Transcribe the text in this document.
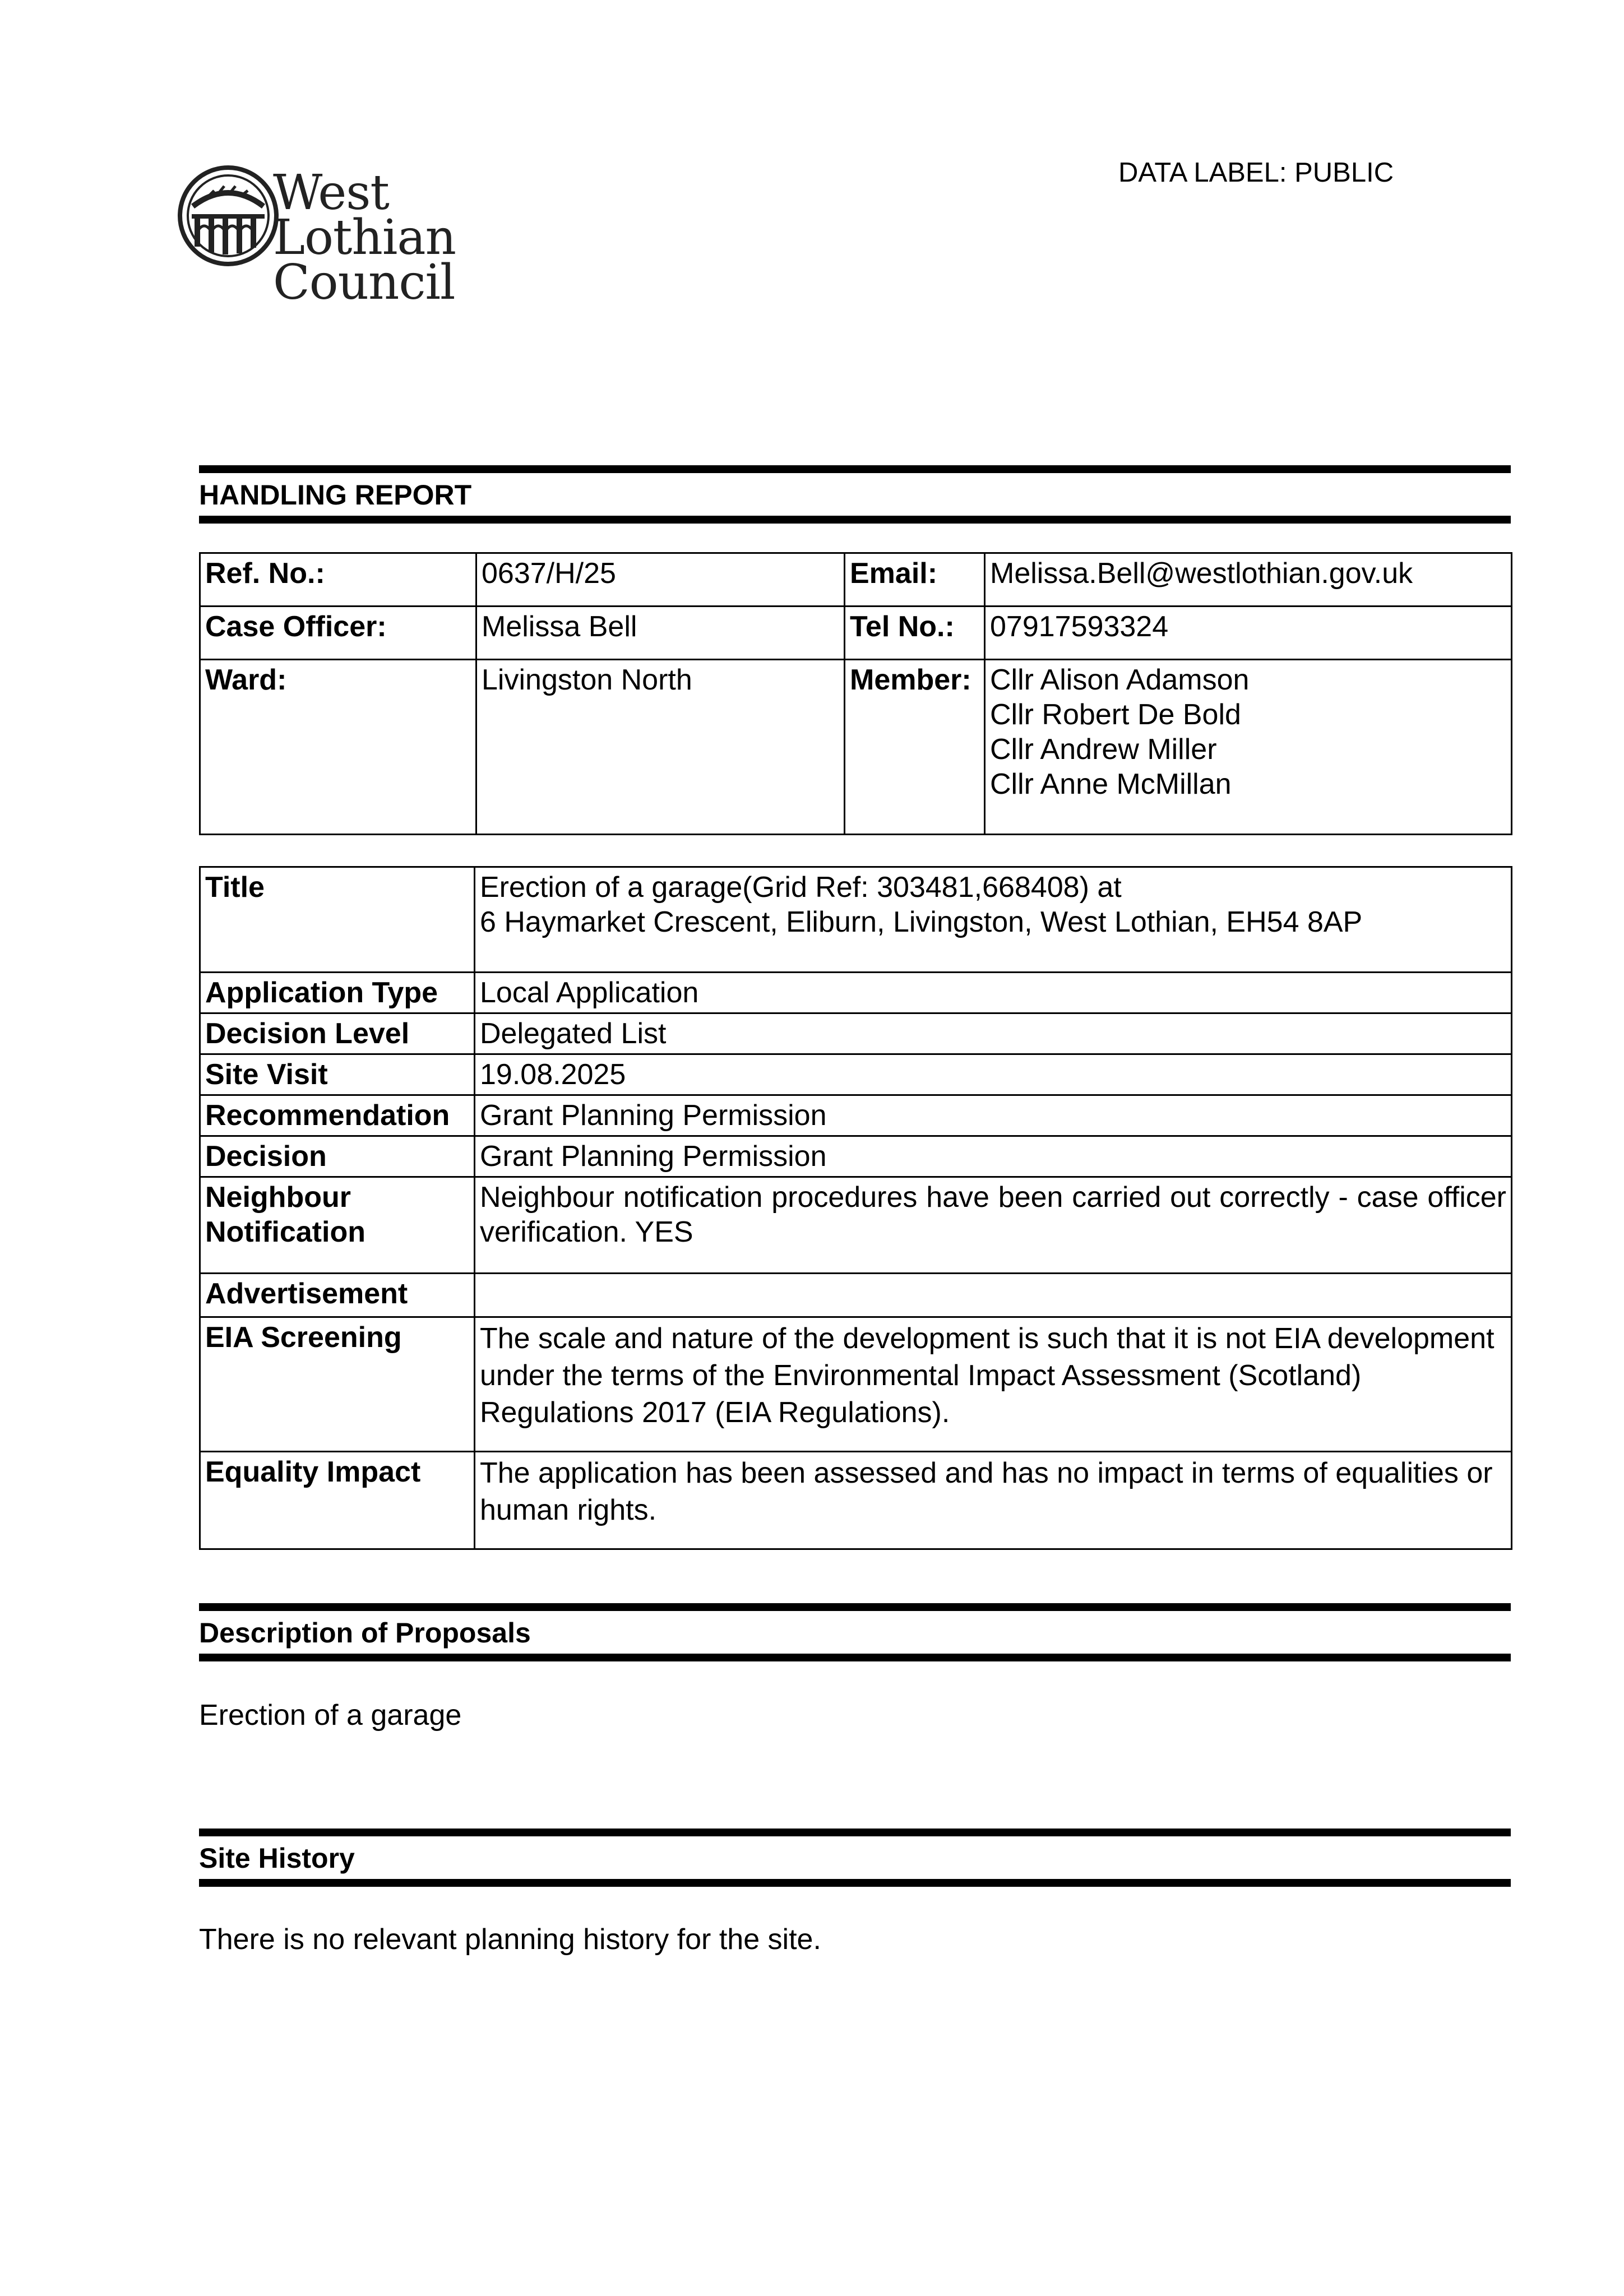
West Lothian
Council
DATA LABEL: PUBLIC
HANDLING REPORT
Ref. No.:	0637/H/25	Email:	Melissa.Bell@westlothian.gov.uk
Case Officer:	Melissa Bell	Tel No.:	07917593324
Ward:	Livingston North	Member:	Cllr Alison Adamson
Cllr Robert De Bold
Cllr Andrew Miller
Cllr Anne McMillan
Title	Erection of a garage(Grid Ref: 303481,668408) at
6 Haymarket Crescent, Eliburn, Livingston, West Lothian, EH54 8AP

Application Type	Local Application
Decision Level	Delegated List
Site Visit	19.08.2025
Recommendation	Grant Planning Permission
Decision	Grant Planning Permission
Neighbour Notification	Neighbour notification procedures have been carried out correctly - case officer verification. YES
Advertisement	
EIA Screening	The scale and nature of the development is such that it is not EIA development under the terms of the Environmental Impact Assessment (Scotland) Regulations 2017 (EIA Regulations).
Equality Impact	The application has been assessed and has no impact in terms of equalities or human rights.
Description of Proposals
Erection of a garage
Site History
There is no relevant planning history for the site.
